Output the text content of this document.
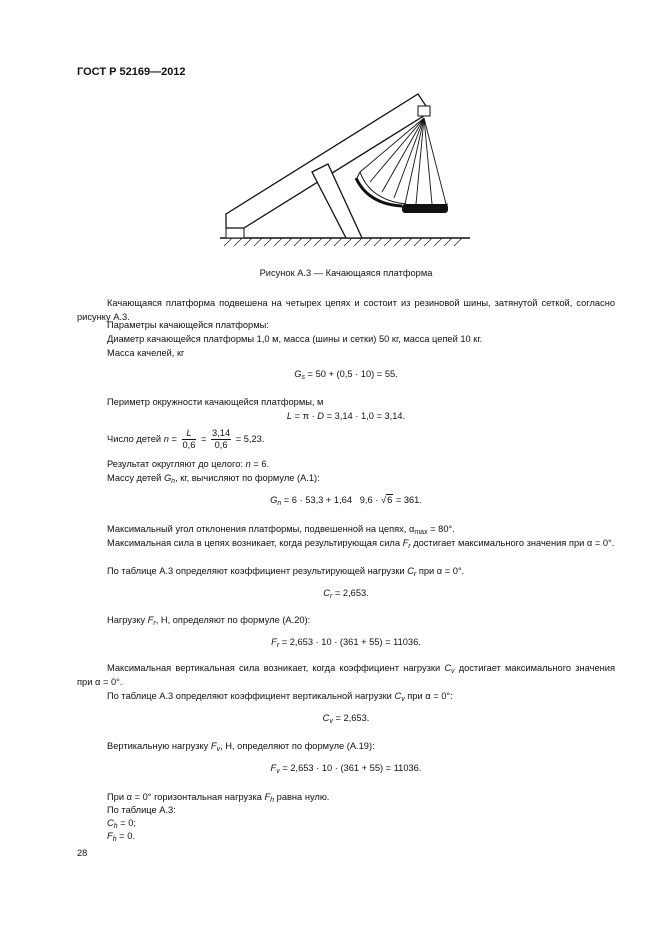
ГОСТ Р 52169—2012
Рисунок А.3 — Качающаяся платформа
Качающаяся платформа подвешена на четырех цепях и состоит из резиновой шины, затянутой сеткой, согласно рисунку А.3.
Параметры качающейся платформы:
Диаметр качающейся платформы 1,0 м, масса (шины и сетки) 50 кг, масса цепей 10 кг.
Масса качелей, кг
$G_s = 50 + (0,5 \cdot 10) = 55$.
Периметр окружности качающейся платформы, м
L = π · D = 3,14 · 1,0 = 3,14.
Число детей $n = \frac{L}{0,6} = \frac{3,14}{0,6} = 5,23$.
Результат округляют до целого: n = 6.
Массу детей $G_n$, кг, вычисляют по формуле (А.1):
$G_n = 6 \cdot 53,3 + 1,64$   9,6 · √6 = 361.
Максимальный угол отклонения платформы, подвешенной на цепях, $\alpha_{max} = 80^\circ$.
Максимальная сила в цепях возникает, когда результирующая сила $F_r$ достигает максимального значения при α = 0°.
По таблице А.3 определяют коэффициент результирующей нагрузки $C_r$ при α = 0°.
$C_r = 2,653$.
Нагрузку $F_r$, Н, определяют по формуле (А.20):
$F_r = 2,653 \cdot 10 \cdot (361 + 55) = 11036$.
Максимальная вертикальная сила возникает, когда коэффициент нагрузки $C_v$ достигает максимального значения при α = 0°.
По таблице А.3 определяют коэффициент вертикальной нагрузки $C_v$ при α = 0°:
$C_v = 2,653$.
Вертикальную нагрузку $F_v$, Н, определяют по формуле (А.19):
$F_v = 2,653 \cdot 10 \cdot (361 + 55) = 11036$.
При α = 0° горизонтальная нагрузка $F_h$ равна нулю.
По таблице А.3:
$C_h = 0$;
$F_h = 0$.
28
